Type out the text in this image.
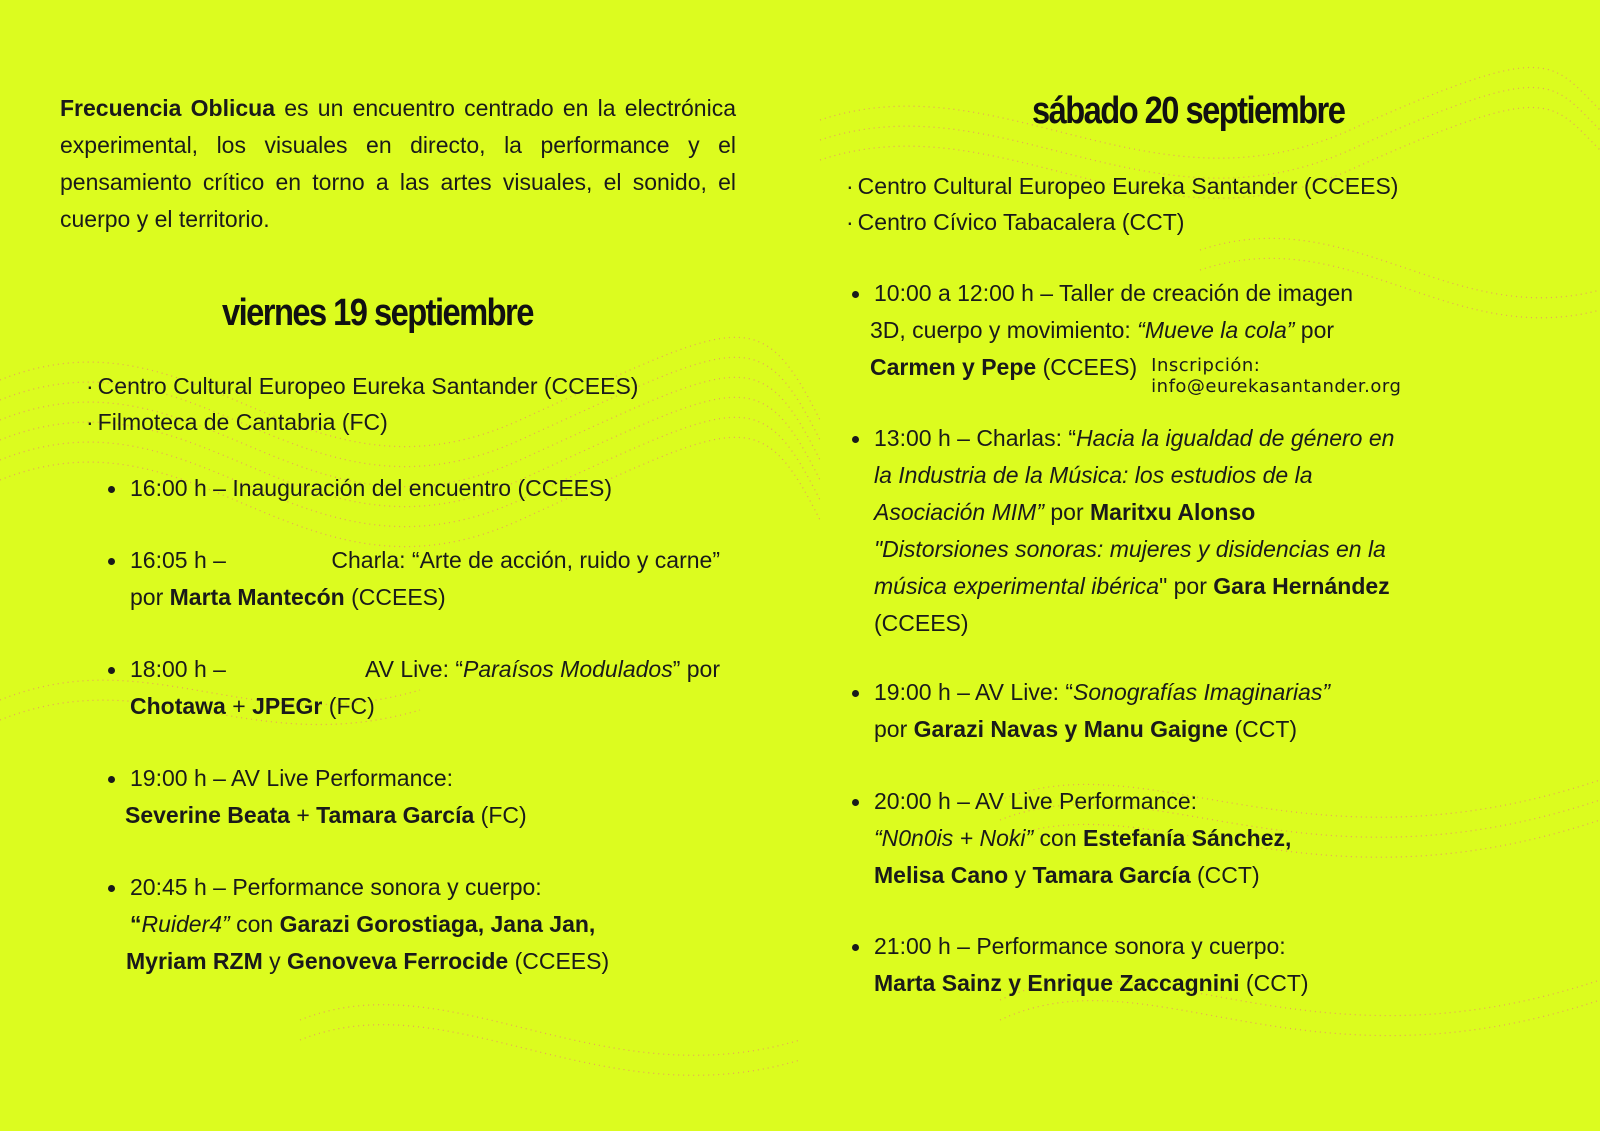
Frecuencia Oblicua es un encuentro centrado en la electrónica experimental, los visuales en directo, la performance y el pensamiento crítico en torno a las artes visuales, el sonido, el cuerpo y el territorio.

viernes 19 septiembre
· Centro Cultural Europeo Eureka Santander (CCEES)
· Filmoteca de Cantabria (FC)
16:00 h – Inauguración del encuentro (CCEES)
16:05 h –	Charla: “Arte de acción, ruido y carne”
por Marta Mantecón (CCEES)
18:00 h –	AV Live: “Paraísos Modulados” por
Chotawa + JPEGr (FC)
19:00 h – AV Live Performance:
Severine Beata + Tamara García (FC)
20:45 h – Performance sonora y cuerpo:
“Ruider4” con Garazi Gorostiaga, Jana Jan,
Myriam RZM y Genoveva Ferrocide (CCEES)
sábado 20 septiembre
· Centro Cultural Europeo Eureka Santander (CCEES)
· Centro Cívico Tabacalera (CCT)
10:00 a 12:00 h – Taller de creación de imagen
3D, cuerpo y movimiento: “Mueve la cola” por
Carmen y Pepe (CCEES) Inscripción:
info@eurekasantander.org
13:00 h – Charlas: “Hacia la igualdad de género en
la Industria de la Música: los estudios de la
Asociación MIM” por Maritxu Alonso
"Distorsiones sonoras: mujeres y disidencias en la
música experimental ibérica" por Gara Hernández
(CCEES)
19:00 h – AV Live: “Sonografías Imaginarias”
por Garazi Navas y Manu Gaigne (CCT)
20:00 h – AV Live Performance:
“N0n0is + Noki” con Estefanía Sánchez,
Melisa Cano y Tamara García (CCT)
21:00 h – Performance sonora y cuerpo:
Marta Sainz y Enrique Zaccagnini (CCT)
